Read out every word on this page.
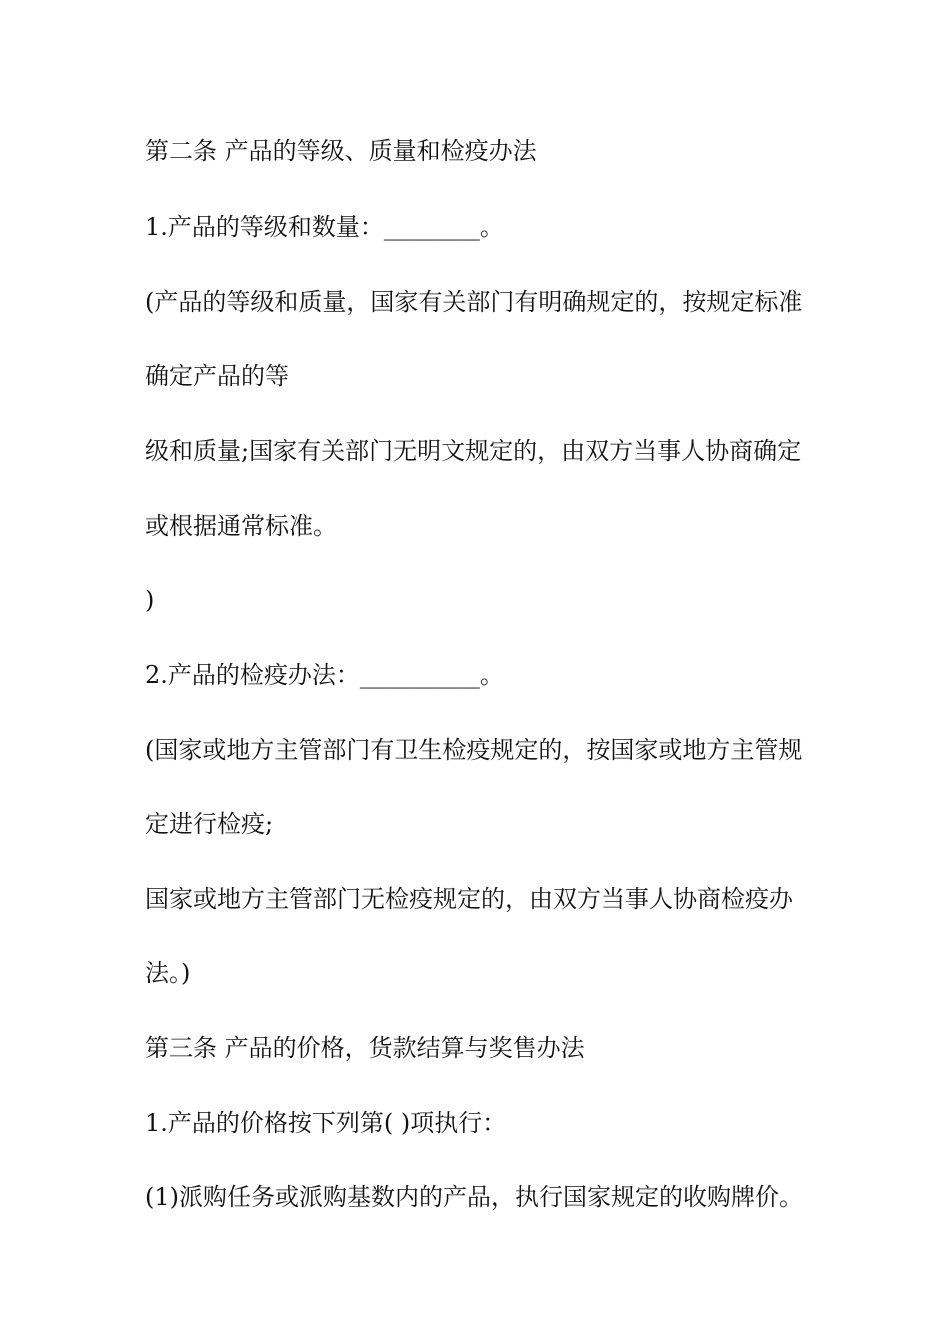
第二条 产品的等级、质量和检疫办法
1.产品的等级和数量：________。
(产品的等级和质量，国家有关部门有明确规定的，按规定标准
确定产品的等
级和质量;国家有关部门无明文规定的，由双方当事人协商确定
或根据通常标准。
)
2.产品的检疫办法：__________。
(国家或地方主管部门有卫生检疫规定的，按国家或地方主管规
定进行检疫;
国家或地方主管部门无检疫规定的，由双方当事人协商检疫办
法。)
第三条 产品的价格，货款结算与奖售办法
1.产品的价格按下列第( )项执行：
(1)派购任务或派购基数内的产品，执行国家规定的收购牌价。
